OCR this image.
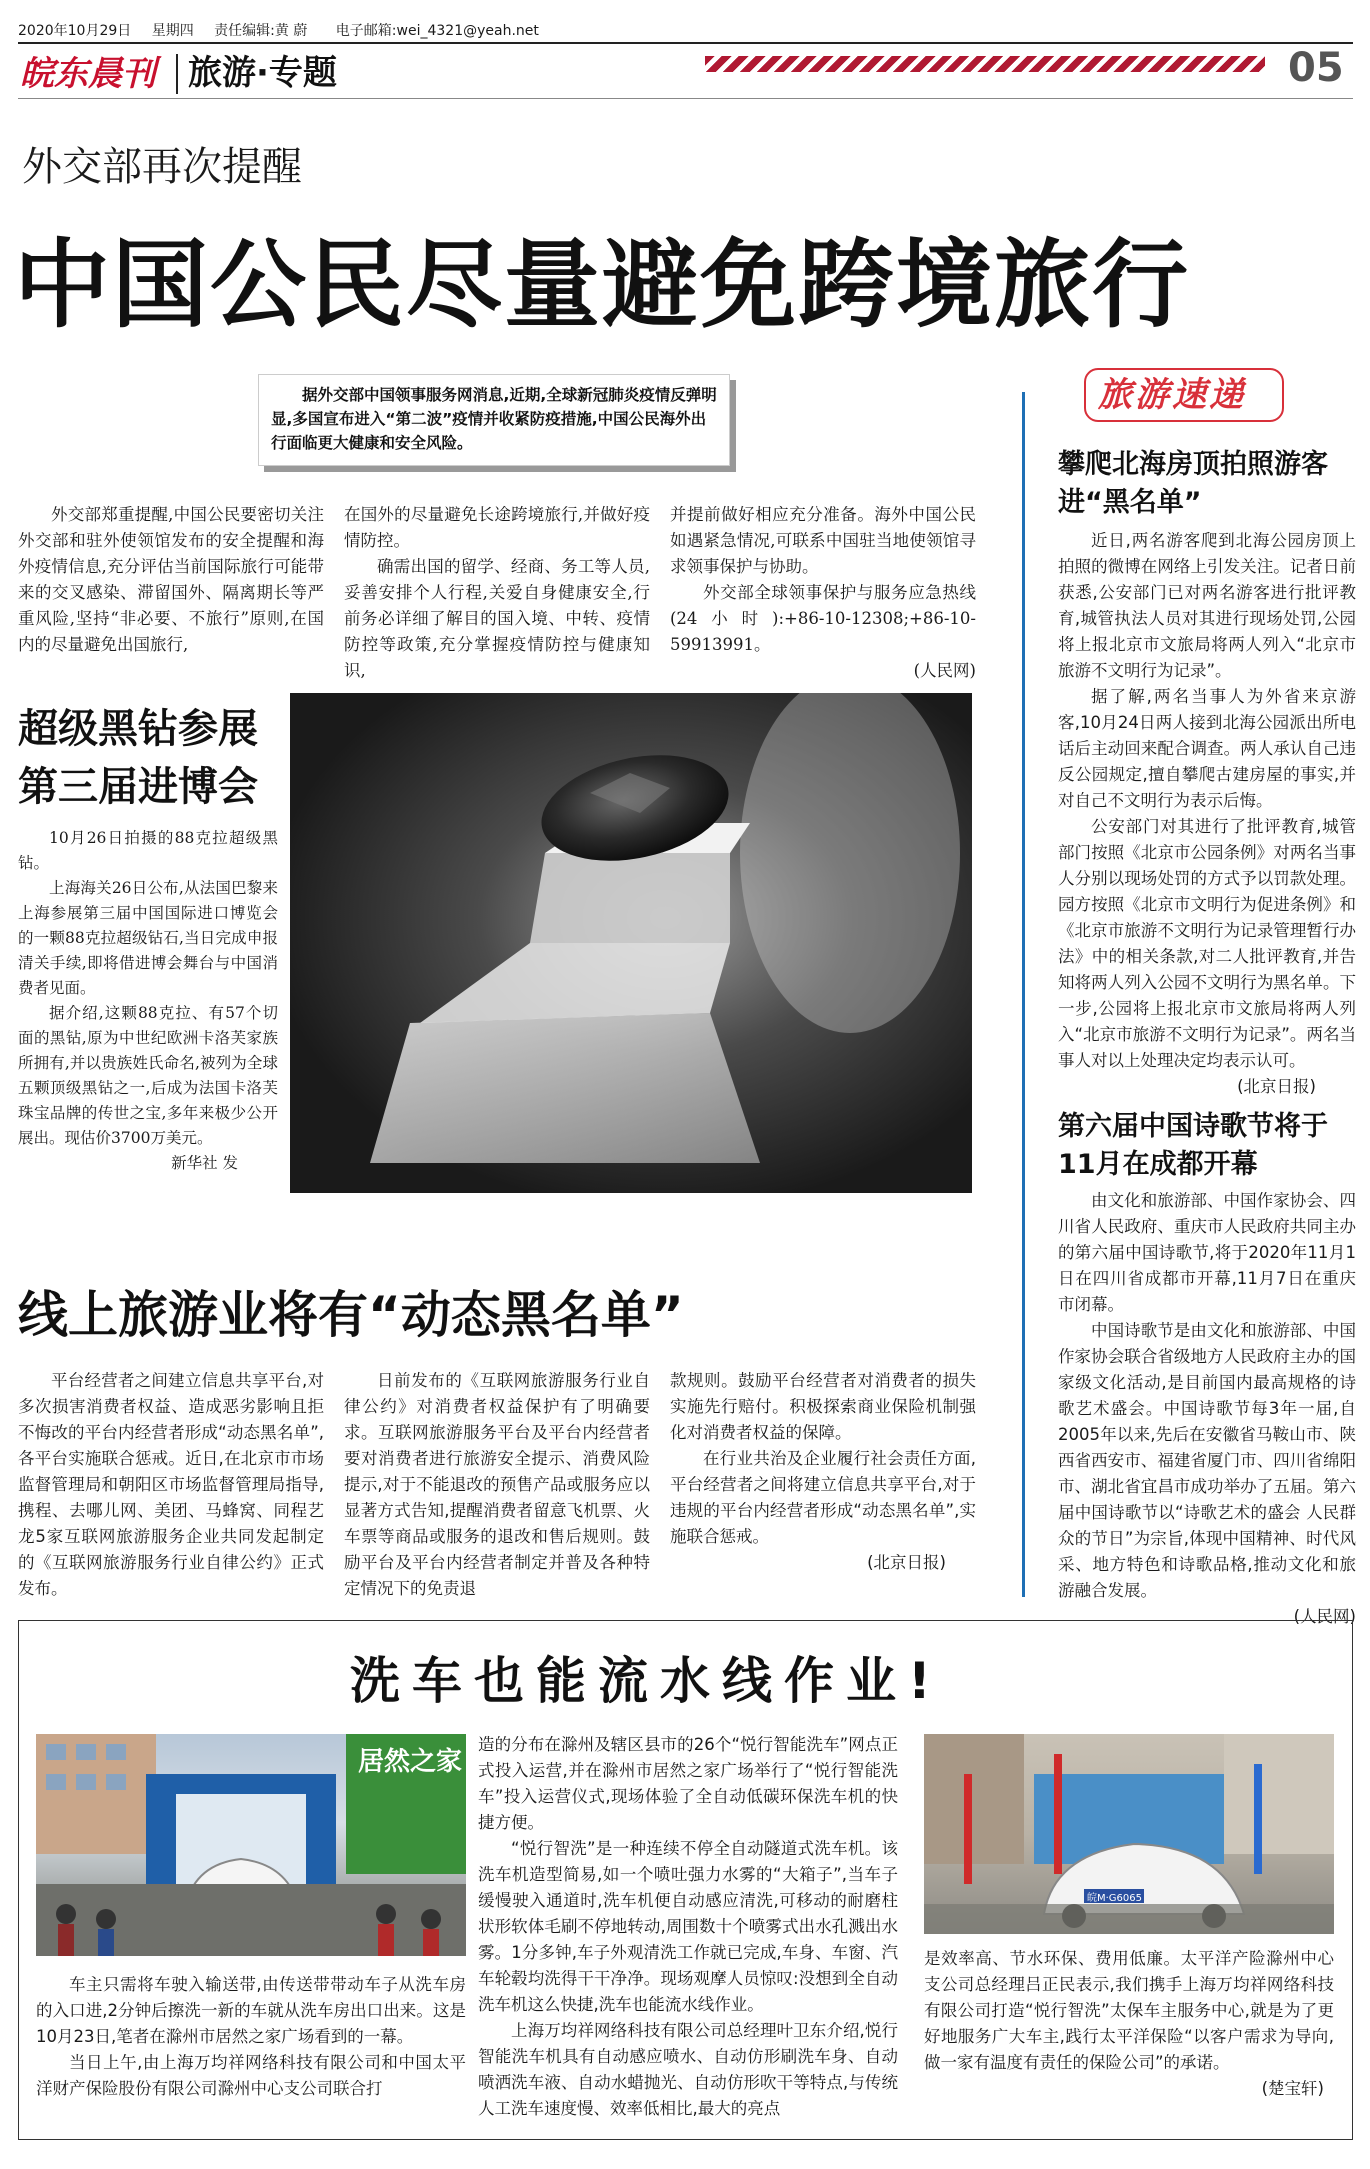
2020年10月29日 星期四 责任编辑:黄 蔚 电子邮箱:wei_4321@yeah.net
皖东晨刊 旅游·专题	05
外交部再次提醒
中国公民尽量避免跨境旅行
据外交部中国领事服务网消息,近期,全球新冠肺炎疫情反弹明显,多国宣布进入“第二波”疫情并收紧防疫措施,中国公民海外出行面临更大健康和安全风险。

外交部郑重提醒,中国公民要密切关注外交部和驻外使领馆发布的安全提醒和海外疫情信息,充分评估当前国际旅行可能带来的交叉感染、滞留国外、隔离期长等严重风险,坚持“非必要、不旅行”原则,在国内的尽量避免出国旅行,

在国外的尽量避免长途跨境旅行,并做好疫情防控。

确需出国的留学、经商、务工等人员,妥善安排个人行程,关爱自身健康安全,行前务必详细了解目的国入境、中转、疫情防控等政策,充分掌握疫情防控与健康知识,

并提前做好相应充分准备。海外中国公民如遇紧急情况,可联系中国驻当地使领馆寻求领事保护与协助。

外交部全球领事保护与服务应急热线(24小时):+86-10-12308;+86-10-59913991。

(人民网)

超级黑钻参展
第三届进博会

10月26日拍摄的88克拉超级黑钻。

上海海关26日公布,从法国巴黎来上海参展第三届中国国际进口博览会的一颗88克拉超级钻石,当日完成申报清关手续,即将借进博会舞台与中国消费者见面。

据介绍,这颗88克拉、有57个切面的黑钻,原为中世纪欧洲卡洛芙家族所拥有,并以贵族姓氏命名,被列为全球五颗顶级黑钻之一,后成为法国卡洛芙珠宝品牌的传世之宝,多年来极少公开展出。现估价3700万美元。

新华社 发

线上旅游业将有“动态黑名单”

平台经营者之间建立信息共享平台,对多次损害消费者权益、造成恶劣影响且拒不悔改的平台内经营者形成“动态黑名单”,各平台实施联合惩戒。近日,在北京市市场监督管理局和朝阳区市场监督管理局指导,携程、去哪儿网、美团、马蜂窝、同程艺龙5家互联网旅游服务企业共同发起制定的《互联网旅游服务行业自律公约》正式发布。

日前发布的《互联网旅游服务行业自律公约》对消费者权益保护有了明确要求。互联网旅游服务平台及平台内经营者要对消费者进行旅游安全提示、消费风险提示,对于不能退改的预售产品或服务应以显著方式告知,提醒消费者留意飞机票、火车票等商品或服务的退改和售后规则。鼓励平台及平台内经营者制定并普及各种特定情况下的免责退

款规则。鼓励平台经营者对消费者的损失实施先行赔付。积极探索商业保险机制强化对消费者权益的保障。

在行业共治及企业履行社会责任方面,平台经营者之间将建立信息共享平台,对于违规的平台内经营者形成“动态黑名单”,实施联合惩戒。

(北京日报)

旅游速递
攀爬北海房顶拍照游客进“黑名单”

近日,两名游客爬到北海公园房顶上拍照的微博在网络上引发关注。记者日前获悉,公安部门已对两名游客进行批评教育,城管执法人员对其进行现场处罚,公园将上报北京市文旅局将两人列入“北京市旅游不文明行为记录”。

据了解,两名当事人为外省来京游客,10月24日两人接到北海公园派出所电话后主动回来配合调查。两人承认自己违反公园规定,擅自攀爬古建房屋的事实,并对自己不文明行为表示后悔。

公安部门对其进行了批评教育,城管部门按照《北京市公园条例》对两名当事人分别以现场处罚的方式予以罚款处理。园方按照《北京市文明行为促进条例》和《北京市旅游不文明行为记录管理暂行办法》中的相关条款,对二人批评教育,并告知将两人列入公园不文明行为黑名单。下一步,公园将上报北京市文旅局将两人列入“北京市旅游不文明行为记录”。两名当事人对以上处理决定均表示认可。

(北京日报)

第六届中国诗歌节将于11月在成都开幕

由文化和旅游部、中国作家协会、四川省人民政府、重庆市人民政府共同主办的第六届中国诗歌节,将于2020年11月1日在四川省成都市开幕,11月7日在重庆市闭幕。

中国诗歌节是由文化和旅游部、中国作家协会联合省级地方人民政府主办的国家级文化活动,是目前国内最高规格的诗歌艺术盛会。中国诗歌节每3年一届,自2005年以来,先后在安徽省马鞍山市、陕西省西安市、福建省厦门市、四川省绵阳市、湖北省宜昌市成功举办了五届。第六届中国诗歌节以“诗歌艺术的盛会 人民群众的节日”为宗旨,体现中国精神、时代风采、地方特色和诗歌品格,推动文化和旅游融合发展。

(人民网)

洗车也能流水线作业!
居然之家

车主只需将车驶入输送带,由传送带带动车子从洗车房的入口进,2分钟后擦洗一新的车就从洗车房出口出来。这是10月23日,笔者在滁州市居然之家广场看到的一幕。

当日上午,由上海万均祥网络科技有限公司和中国太平洋财产保险股份有限公司滁州中心支公司联合打

造的分布在滁州及辖区县市的26个“悦行智能洗车”网点正式投入运营,并在滁州市居然之家广场举行了“悦行智能洗车”投入运营仪式,现场体验了全自动低碳环保洗车机的快捷方便。

“悦行智洗”是一种连续不停全自动隧道式洗车机。该洗车机造型简易,如一个喷吐强力水雾的“大箱子”,当车子缓慢驶入通道时,洗车机便自动感应清洗,可移动的耐磨柱状形软体毛刷不停地转动,周围数十个喷雾式出水孔溅出水雾。1分多钟,车子外观清洗工作就已完成,车身、车窗、汽车轮毂均洗得干干净净。现场观摩人员惊叹:没想到全自动洗车机这么快捷,洗车也能流水线作业。

上海万均祥网络科技有限公司总经理叶卫东介绍,悦行智能洗车机具有自动感应喷水、自动仿形刷洗车身、自动喷洒洗车液、自动水蜡抛光、自动仿形吹干等特点,与传统人工洗车速度慢、效率低相比,最大的亮点

皖M·G6065

是效率高、节水环保、费用低廉。太平洋产险滁州中心支公司总经理吕正民表示,我们携手上海万均祥网络科技有限公司打造“悦行智洗”太保车主服务中心,就是为了更好地服务广大车主,践行太平洋保险“以客户需求为导向,做一家有温度有责任的保险公司”的承诺。

(楚宝轩)
